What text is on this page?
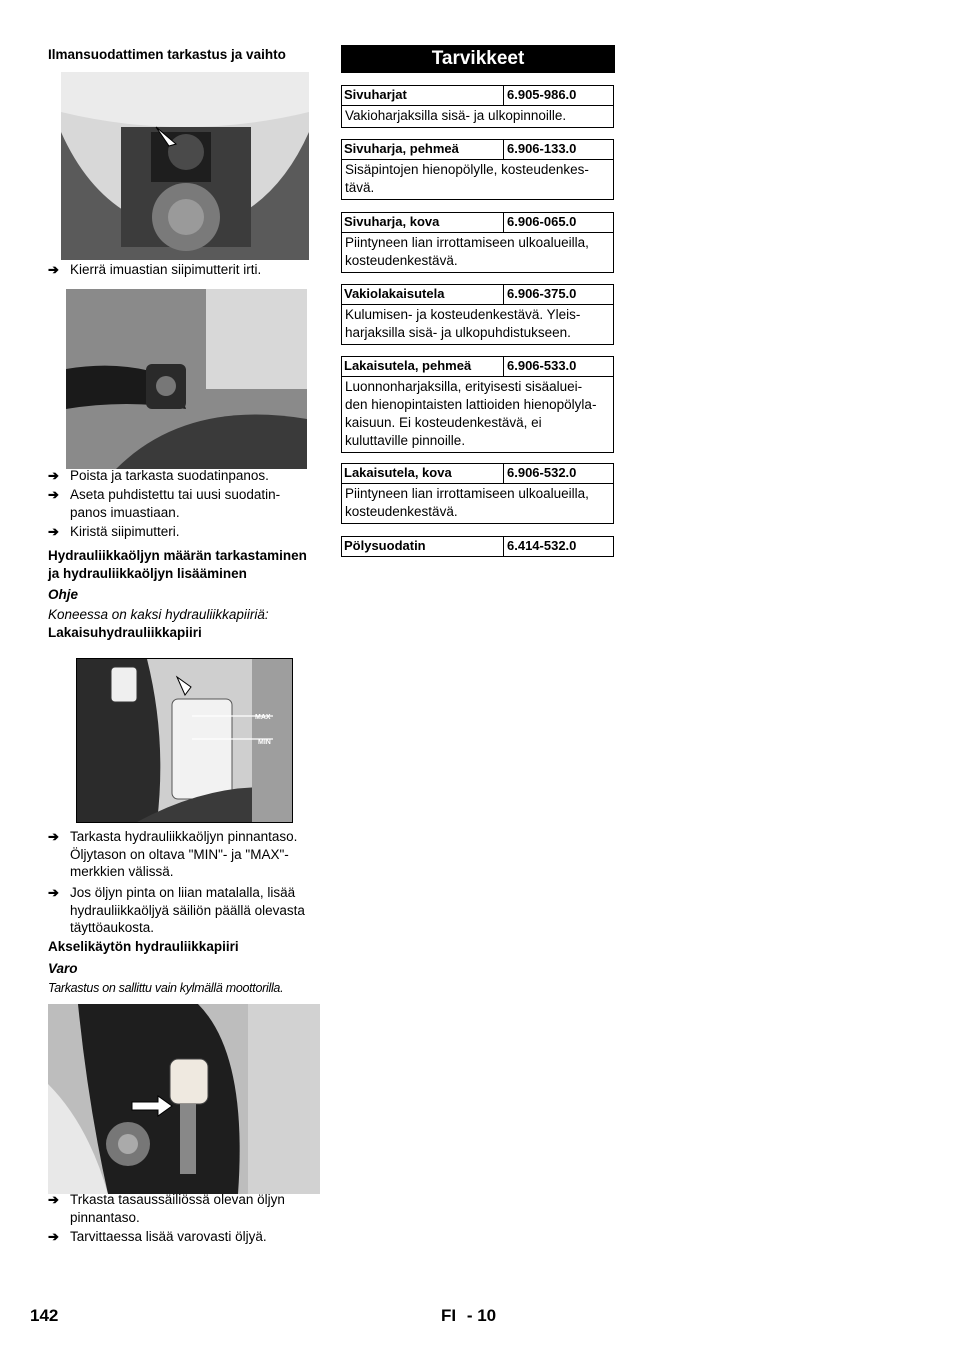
Ilmansuodattimen tarkastus ja vaihto
➔ Kierrä imuastian siipimutterit irti.
➔ Poista ja tarkasta suodatinpanos.
➔ Aseta puhdistettu tai uusi suodatin-
panos imuastiaan.
➔ Kiristä siipimutteri.
Hydrauliikkaöljyn määrän tarkastaminen
ja hydrauliikkaöljyn lisääminen
Ohje
Koneessa on kaksi hydrauliikkapiiriä:
Lakaisuhydrauliikkapiiri
MAX
MIN
➔ Tarkasta hydrauliikkaöljyn pinnantaso.
Öljytason on oltava "MIN"- ja "MAX"-
merkkien välissä.
➔ Jos öljyn pinta on liian matalalla, lisää
hydrauliikkaöljyä säiliön päällä olevasta
täyttöaukosta.
Akselikäytön hydrauliikkapiiri
Varo
Tarkastus on sallittu vain kylmällä moottorilla.
➔ Trkasta tasaussäiliössä olevan öljyn
pinnantaso.
➔ Tarvittaessa lisää varovasti öljyä.
Tarvikkeet
Sivuharjat	6.905-986.0
Vakioharjaksilla sisä- ja ulkopinnoille.
Sivuharja, pehmeä	6.906-133.0
Sisäpintojen hienopölylle, kosteudenkes-
tävä.
Sivuharja, kova	6.906-065.0
Piintyneen lian irrottamiseen ulkoalueilla,
kosteudenkestävä.
Vakiolakaisutela	6.906-375.0
Kulumisen- ja kosteudenkestävä. Yleis-
harjaksilla sisä- ja ulkopuhdistukseen.
Lakaisutela, pehmeä	6.906-533.0
Luonnonharjaksilla, erityisesti sisäaluei-
den hienopintaisten lattioiden hienopölyla-
kaisuun. Ei kosteudenkestävä, ei
kuluttaville pinnoille.
Lakaisutela, kova	6.906-532.0
Piintyneen lian irrottamiseen ulkoalueilla,
kosteudenkestävä.
Pölysuodatin	6.414-532.0
142	FI - 10
